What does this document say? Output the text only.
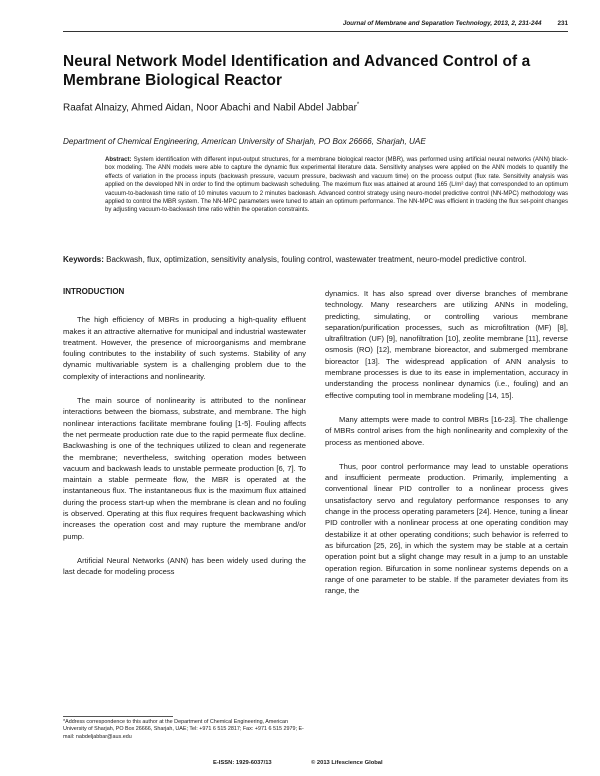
Journal of Membrane and Separation Technology, 2013, 2, 231-244	231
Neural Network Model Identification and Advanced Control of a Membrane Biological Reactor
Raafat Alnaizy, Ahmed Aidan, Noor Abachi and Nabil Abdel Jabbar*
Department of Chemical Engineering, American University of Sharjah, PO Box 26666, Sharjah, UAE
Abstract: System identification with different input-output structures, for a membrane biological reactor (MBR), was performed using artificial neural networks (ANN) black-box modeling. The ANN models were able to capture the dynamic flux experimental literature data. Sensitivity analyses were applied on the ANN models to quantify the effects of variation in the process inputs (backwash pressure, vacuum pressure, backwash and vacuum time) on the process output (flux rate. Sensitivity analysis was applied on the developed NN in order to find the optimum backwash scheduling. The maximum flux was attained at around 165 (L/m² day) that corresponded to an optimum vacuum-to-backwash time ratio of 10 minutes vacuum to 2 minutes backwash. Advanced control strategy using neuro-model predictive control (NN-MPC) methodology was applied to control the MBR system. The NN-MPC parameters were tuned to attain an optimum performance. The NN-MPC was efficient in tracking the flux set-point changes by adjusting vacuum-to-backwash time ratio within the operation constraints.
Keywords: Backwash, flux, optimization, sensitivity analysis, fouling control, wastewater treatment, neuro-model predictive control.
INTRODUCTION

The high efficiency of MBRs in producing a high-quality effluent makes it an attractive alternative for municipal and industrial wastewater treatment. However, the presence of microorganisms and membrane fouling contributes to the instability of such systems. Stability of any dynamic multivariable system is a challenging problem due to the complexity of interactions and nonlinearity.

The main source of nonlinearity is attributed to the nonlinear interactions between the biomass, substrate, and membrane. The high nonlinear interactions facilitate membrane fouling [1-5]. Fouling affects the net permeate production rate due to the rapid permeate flux decline. Backwashing is one of the techniques utilized to clean and regenerate the membrane; nevertheless, switching operation modes between vacuum and backwash leads to unstable permeate production [6, 7]. To maintain a stable permeate flow, the MBR is operated at the instantaneous flux. The instantaneous flux is the maximum flux attained during the process start-up when the membrane is clean and no fouling is observed. Operating at this flux requires frequent backwashing which increases the operation cost and may rupture the membrane and/or pump.

Artificial Neural Networks (ANN) has been widely used during the last decade for modeling process

dynamics. It has also spread over diverse branches of membrane technology. Many researchers are utilizing ANNs in modeling, predicting, simulating, or controlling various membrane separation/purification processes, such as microfiltration (MF) [8], ultrafiltration (UF) [9], nanofiltration [10], zeolite membrane [11], reverse osmosis (RO) [12], membrane bioreactor, and submerged membrane bioreactor [13]. The widespread application of ANN analysis to membrane processes is due to its ease in implementation, accuracy in understanding the process nonlinear dynamics (i.e., fouling) and an effective computing tool in membrane modeling [14, 15].

Many attempts were made to control MBRs [16-23]. The challenge of MBRs control arises from the high nonlinearity and complexity of the process as mentioned above.

Thus, poor control performance may lead to unstable operations and insufficient permeate production. Primarily, implementing a conventional linear PID controller to a nonlinear process gives unsatisfactory servo and regulatory performance responses to any change in the process operating parameters [24]. Hence, tuning a linear PID controller with a nonlinear process at one operating condition may destabilize it at other operating conditions; such behavior is referred to as bifurcation [25, 26], in which the system may be stable at a certain operation point but a slight change may result in a jump to an unstable operation region. Bifurcation in some nonlinear systems depends on a range of one parameter to be stable. If the parameter deviates from its range, the

*Address correspondence to this author at the Department of Chemical Engineering, American University of Sharjah, PO Box 26666, Sharjah, UAE; Tel: +971 6 515 2817; Fax: +971 6 515 2979; E-mail: nabdeljabbar@aus.edu
E-ISSN: 1929-6037/13	© 2013 Lifescience Global
